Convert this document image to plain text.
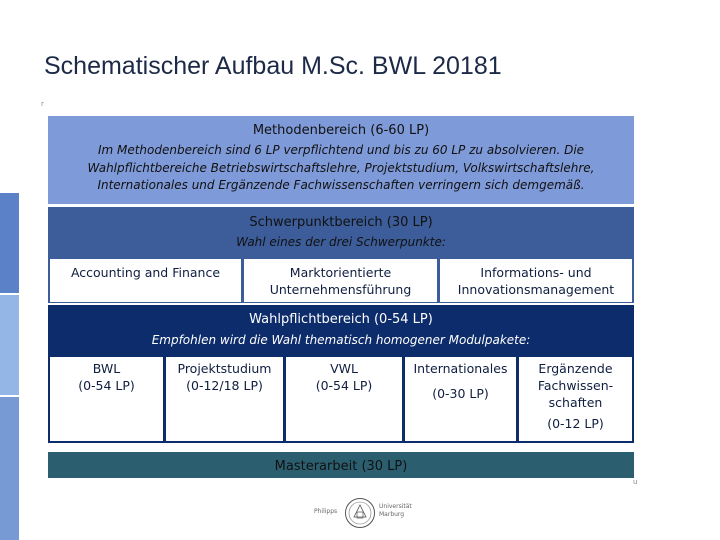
Schematischer Aufbau M.Sc. BWL 20181
r
Methodenbereich (6-60 LP)
Im Methodenbereich sind 6 LP verpflichtend und bis zu 60 LP zu absolvieren. Die Wahlpflichtbereiche Betriebswirtschaftslehre, Projektstudium, Volkswirtschaftslehre, Internationales und Ergänzende Fachwissenschaften verringern sich demgemäß.
Schwerpunktbereich (30 LP)
Wahl eines der drei Schwerpunkte:
Accounting and Finance	Marktorientierte
Unternehmensführung
Informations- und
Innovationsmanagement
Wahlpflichtbereich (0-54 LP)
Empfohlen wird die Wahl thematisch homogener Modulpakete:
BWL
(0-54 LP)
Projektstudium
(0-12/18 LP)
VWL
(0-54 LP)
Internationales
(0-30 LP)
Ergänzende
Fachwissen-
schaften
(0-12 LP)
Masterarbeit (30 LP)
u
Philipps
Universität
Marburg
